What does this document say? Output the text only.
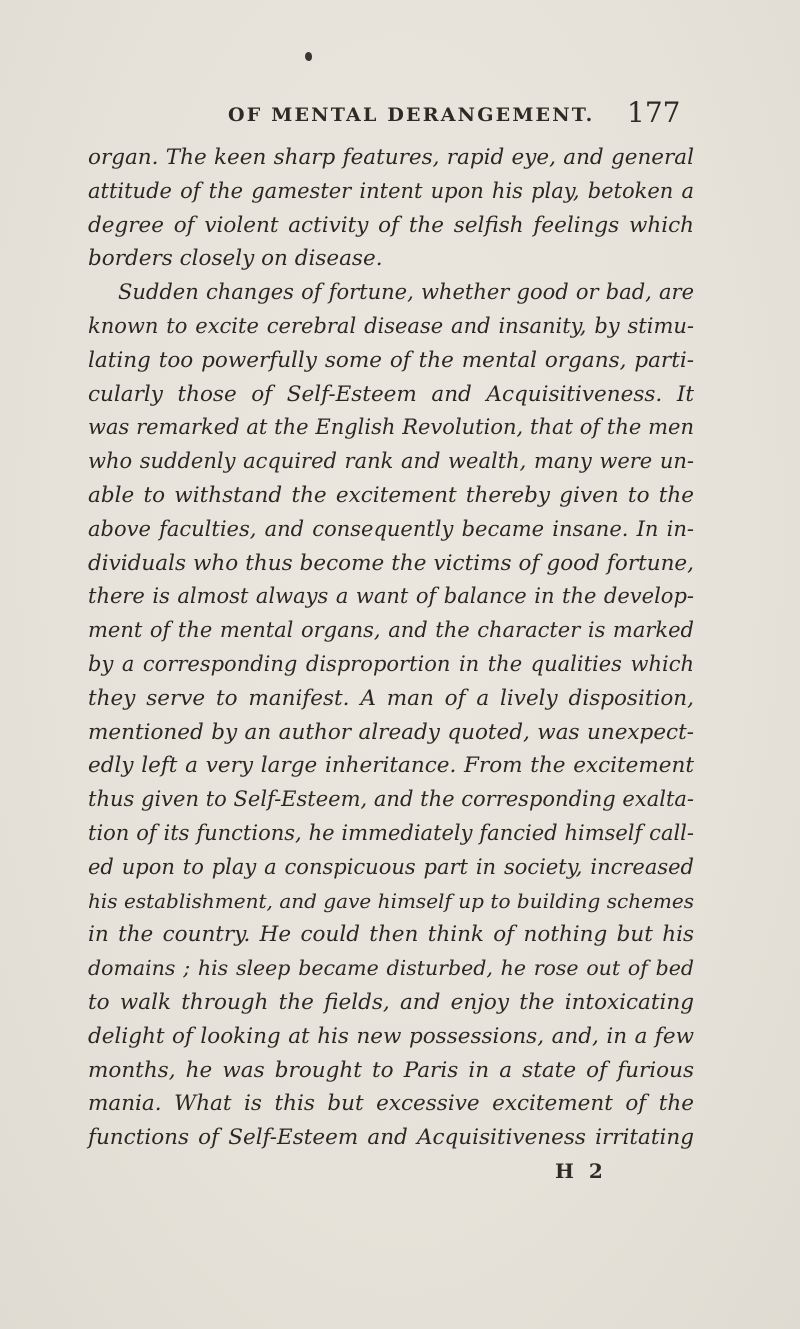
OF MENTAL DERANGEMENT. 177
organ. The keen sharp features, rapid eye, and general
attitude of the gamester intent upon his play, betoken a
degree of violent activity of the selfish feelings which
borders closely on disease.
Sudden changes of fortune, whether good or bad, are
known to excite cerebral disease and insanity, by stimu-
lating too powerfully some of the mental organs, parti-
cularly those of Self-Esteem and Acquisitiveness. It
was remarked at the English Revolution, that of the men
who suddenly acquired rank and wealth, many were un-
able to withstand the excitement thereby given to the
above faculties, and consequently became insane. In in-
dividuals who thus become the victims of good fortune,
there is almost always a want of balance in the develop-
ment of the mental organs, and the character is marked
by a corresponding disproportion in the qualities which
they serve to manifest. A man of a lively disposition,
mentioned by an author already quoted, was unexpect-
edly left a very large inheritance. From the excitement
thus given to Self-Esteem, and the corresponding exalta-
tion of its functions, he immediately fancied himself call-
ed upon to play a conspicuous part in society, increased
his establishment, and gave himself up to building schemes
in the country. He could then think of nothing but his
domains ; his sleep became disturbed, he rose out of bed
to walk through the fields, and enjoy the intoxicating
delight of looking at his new possessions, and, in a few
months, he was brought to Paris in a state of furious
mania. What is this but excessive excitement of the
functions of Self-Esteem and Acquisitiveness irritating
H 2
